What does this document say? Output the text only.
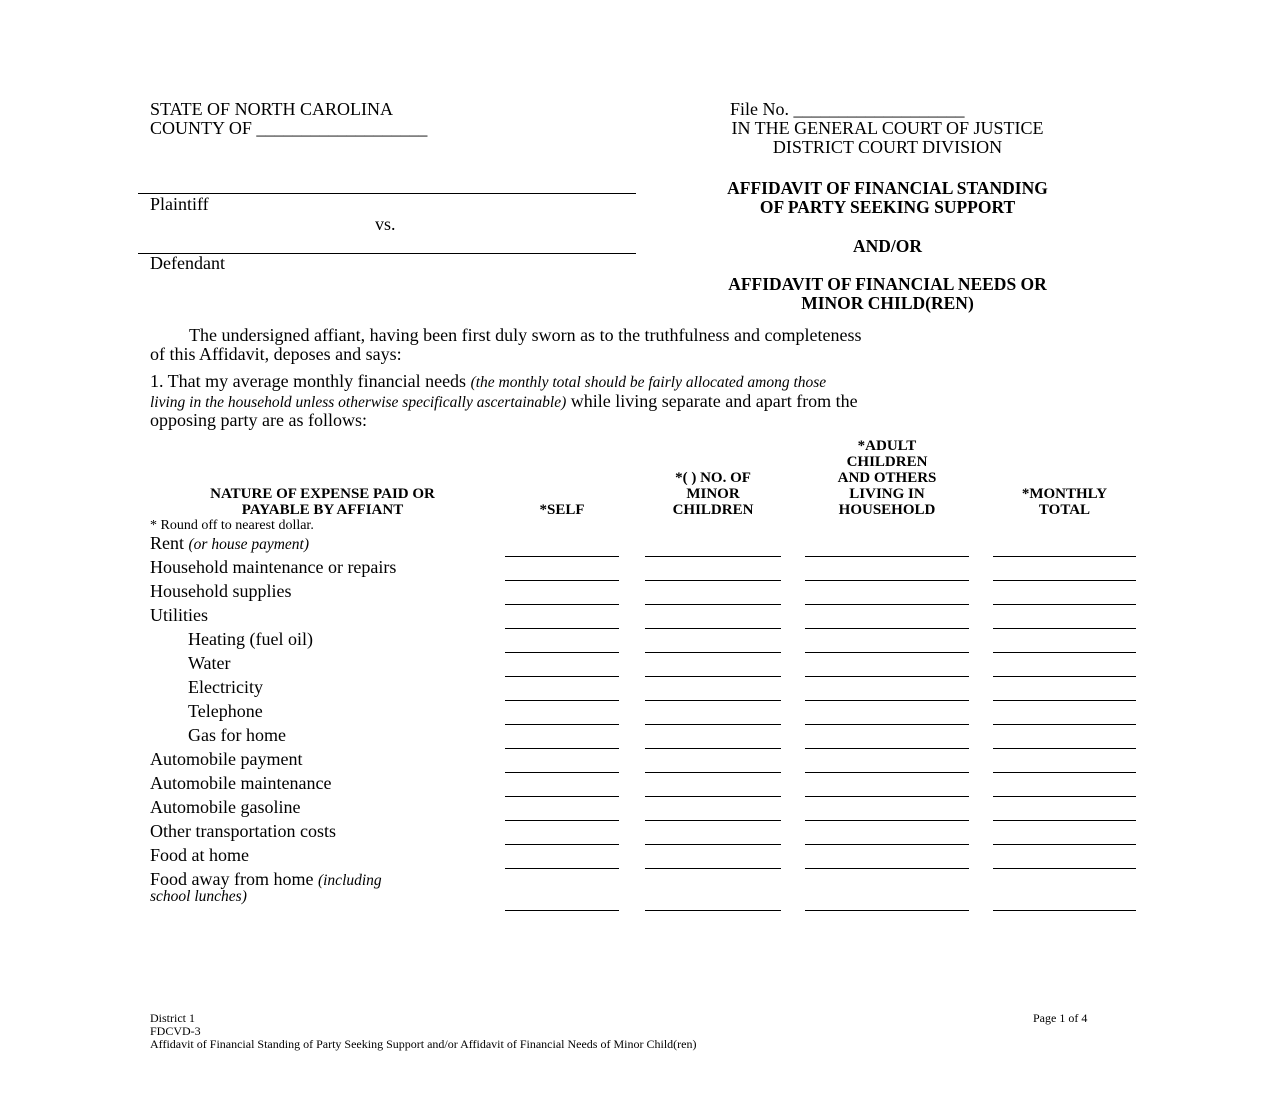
STATE OF NORTH CAROLINA
COUNTY OF ___________________
File No. ___________________
IN THE GENERAL COURT OF JUSTICE
DISTRICT COURT DIVISION
Plaintiff
vs.
Defendant
AFFIDAVIT OF FINANCIAL STANDING
OF PARTY SEEKING SUPPORT
AND/OR
AFFIDAVIT OF FINANCIAL NEEDS OR
MINOR CHILD(REN)
The undersigned affiant, having been first duly sworn as to the truthfulness and completeness
of this Affidavit, deposes and says:
1. That my average monthly financial needs (the monthly total should be fairly allocated among those
living in the household unless otherwise specifically ascertainable) while living separate and apart from the
opposing party are as follows:
NATURE OF EXPENSE PAID OR
PAYABLE BY AFFIANT
* Round off to nearest dollar.
*SELF
*( ) NO. OF
MINOR
CHILDREN
*ADULT
CHILDREN
AND OTHERS
LIVING IN
HOUSEHOLD
*MONTHLY
TOTAL
Rent (or house payment)
Household maintenance or repairs
Household supplies
Utilities
Heating (fuel oil)
Water
Electricity
Telephone
Gas for home
Automobile payment
Automobile maintenance
Automobile gasoline
Other transportation costs
Food at home
Food away from home (including
school lunches)
District 1
FDCVD-3
Affidavit of Financial Standing of Party Seeking Support and/or Affidavit of Financial Needs of Minor Child(ren)
Page 1 of 4
